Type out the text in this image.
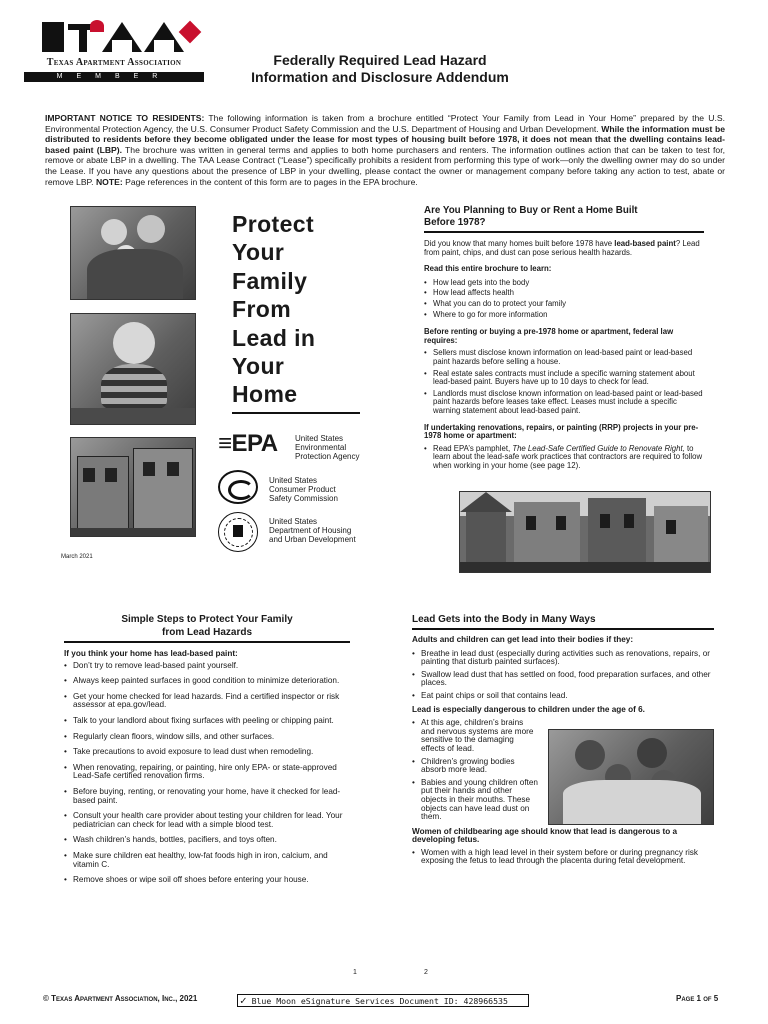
Texas Apartment Association
MEMBER
Federally Required Lead Hazard
Information and Disclosure Addendum
IMPORTANT NOTICE TO RESIDENTS: The following information is taken from a brochure entitled “Protect Your Family from Lead in Your Home” prepared by the U.S. Environmental Protection Agency, the U.S. Consumer Product Safety Commission and the U.S. Department of Housing and Urban Development. While the information must be distributed to residents before they become obligated under the lease for most types of housing built before 1978, it does not mean that the dwelling contains lead-based paint (LBP). The brochure was written in general terms and applies to both home purchasers and renters. The information outlines action that can be taken to test for, remove or abate LBP in a dwelling. The TAA Lease Contract (“Lease”) specifically prohibits a resident from performing this type of work—only the dwelling owner may do so under the Lease. If you have any questions about the presence of LBP in your dwelling, please contact the owner or management company before taking any action to test, abate or remove LBP. NOTE: Page references in the content of this form are to pages in the EPA brochure.
Protect
Your
Family
From
Lead in
Your
Home
≡EPA United States
Environmental
Protection Agency
United States
Consumer Product
Safety Commission
United States
Department of Housing
and Urban Development
March 2021
Are You Planning to Buy or Rent a Home Built
Before 1978?
Did you know that many homes built before 1978 have lead-based paint? Lead from paint, chips, and dust can pose serious health hazards.
Read this entire brochure to learn:
• How lead gets into the body
• How lead affects health
• What you can do to protect your family
• Where to go for more information
Before renting or buying a pre-1978 home or apartment, federal law requires:
• Sellers must disclose known information on lead-based paint or lead-based paint hazards before selling a house.
• Real estate sales contracts must include a specific warning statement about lead-based paint. Buyers have up to 10 days to check for lead.
• Landlords must disclose known information on lead-based paint or lead-based paint hazards before leases take effect. Leases must include a specific warning statement about lead-based paint.
If undertaking renovations, repairs, or painting (RRP) projects in your pre-1978 home or apartment:
• Read EPA’s pamphlet, The Lead-Safe Certified Guide to Renovate Right, to learn about the lead-safe work practices that contractors are required to follow when working in your home (see page 12).
Simple Steps to Protect Your Family
from Lead Hazards
If you think your home has lead-based paint:
• Don’t try to remove lead-based paint yourself.
• Always keep painted surfaces in good condition to minimize deterioration.
• Get your home checked for lead hazards. Find a certified inspector or risk assessor at epa.gov/lead.
• Talk to your landlord about fixing surfaces with peeling or chipping paint.
• Regularly clean floors, window sills, and other surfaces.
• Take precautions to avoid exposure to lead dust when remodeling.
• When renovating, repairing, or painting, hire only EPA- or state-approved Lead-Safe certified renovation firms.
• Before buying, renting, or renovating your home, have it checked for lead-based paint.
• Consult your health care provider about testing your children for lead. Your pediatrician can check for lead with a simple blood test.
• Wash children’s hands, bottles, pacifiers, and toys often.
• Make sure children eat healthy, low-fat foods high in iron, calcium, and vitamin C.
• Remove shoes or wipe soil off shoes before entering your house.
1
Lead Gets into the Body in Many Ways
Adults and children can get lead into their bodies if they:
• Breathe in lead dust (especially during activities such as renovations, repairs, or painting that disturb painted surfaces).
• Swallow lead dust that has settled on food, food preparation surfaces, and other places.
• Eat paint chips or soil that contains lead.
Lead is especially dangerous to children under the age of 6.
• At this age, children’s brains and nervous systems are more sensitive to the damaging effects of lead.
• Children’s growing bodies absorb more lead.
• Babies and young children often put their hands and other objects in their mouths. These objects can have lead dust on them.
Women of childbearing age should know that lead is dangerous to a developing fetus.
• Women with a high lead level in their system before or during pregnancy risk exposing the fetus to lead through the placenta during fetal development.
2
© Texas Apartment Association, Inc., 2021	✓ Blue Moon eSignature Services Document ID: 428966535	Page 1 of 5
